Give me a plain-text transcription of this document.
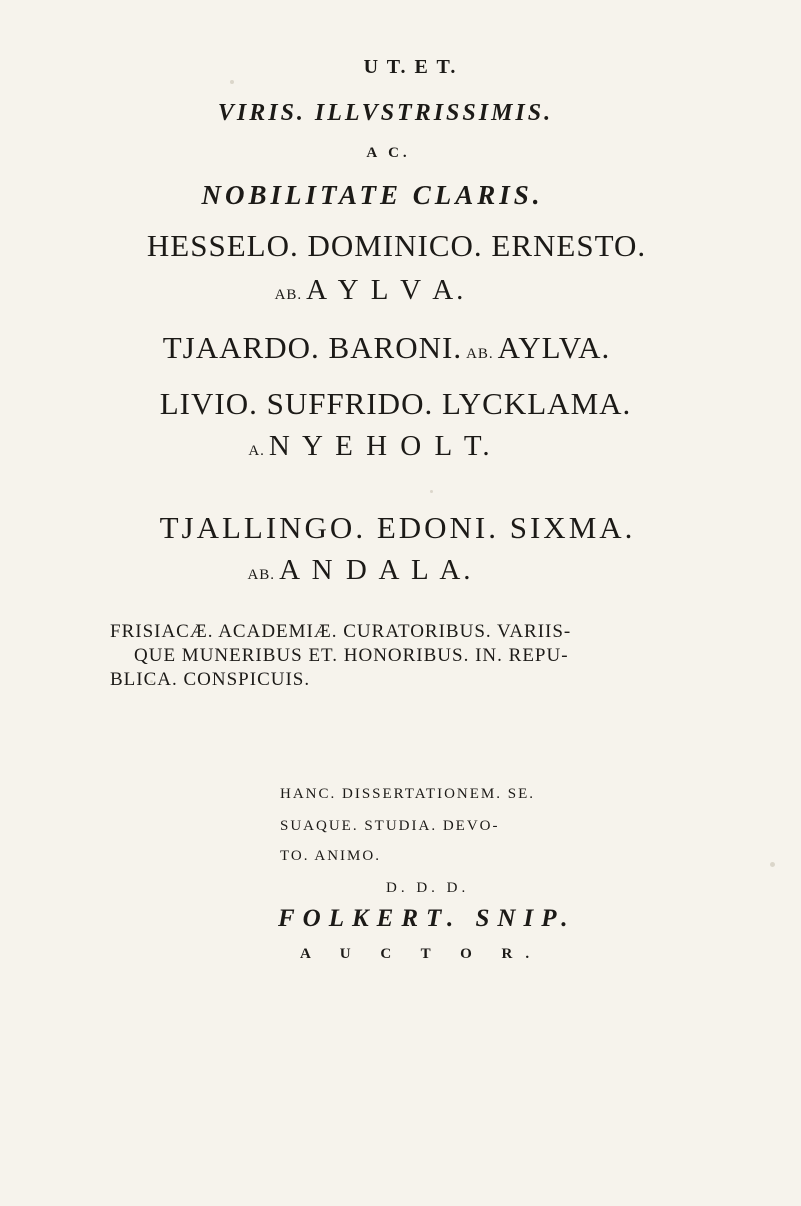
U T. E T.
VIRIS. ILLVSTRISSIMIS.
A C.
NOBILITATE CLARIS.
HESSELO. DOMINICO. ERNESTO.
AB. A Y L V A.
TJAARDO. BARONI. AB. AYLVA.
LIVIO. SUFFRIDO. LYCKLAMA.
A. N Y E H O L T.
TJALLINGO. EDONI. SIXMA.
AB. A N D A L A.
FRISIACÆ. ACADEMIÆ. CURATORIBUS. VARIIS-
QUE MUNERIBUS ET. HONORIBUS. IN. REPU-
BLICA. CONSPICUIS.
HANC. DISSERTATIONEM. SE.
SUAQUE. STUDIA. DEVO-
TO. ANIMO.
D. D. D.
FOLKERT. SNIP.
A U C T O R.
